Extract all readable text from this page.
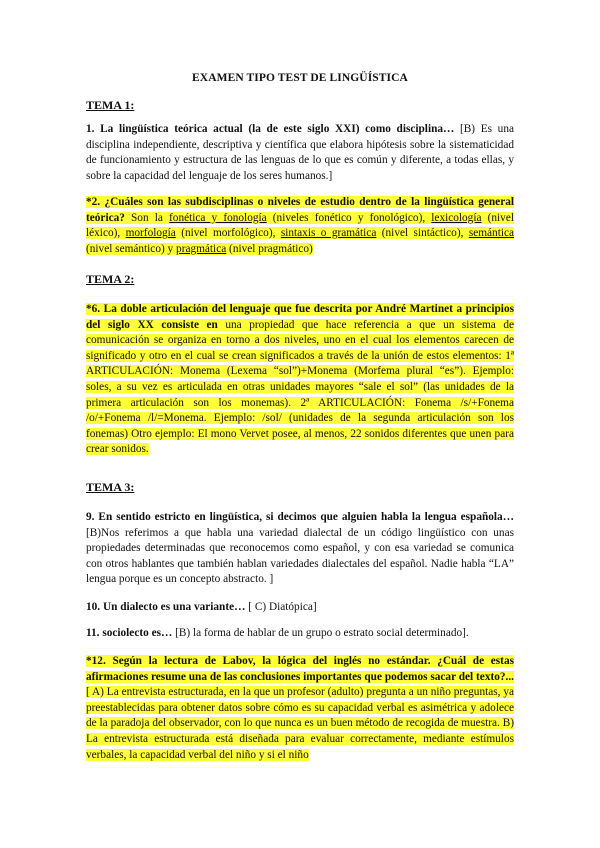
EXAMEN TIPO TEST DE LINGÜÍSTICA
TEMA 1:
1. La lingüística teórica actual (la de este siglo XXI) como disciplina… [B) Es una disciplina independiente, descriptiva y científica que elabora hipótesis sobre la sistematicidad de funcionamiento y estructura de las lenguas de lo que es común y diferente, a todas ellas, y sobre la capacidad del lenguaje de los seres humanos.]
*2. ¿Cuáles son las subdisciplinas o niveles de estudio dentro de la lingüística general teórica? Son la fonética y fonología (niveles fonético y fonológico), lexicología (nivel léxico), morfología (nivel morfológico), sintaxis o gramática (nivel sintáctico), semántica (nivel semántico) y pragmática (nivel pragmático)
TEMA 2:
*6. La doble articulación del lenguaje que fue descrita por André Martinet a principios del siglo XX consiste en una propiedad que hace referencia a que un sistema de comunicación se organiza en torno a dos niveles, uno en el cual los elementos carecen de significado y otro en el cual se crean significados a través de la unión de estos elementos: 1ª ARTICULACIÓN: Monema (Lexema “sol”)+Monema (Morfema plural “es”). Ejemplo: soles, a su vez es articulada en otras unidades mayores “sale el sol” (las unidades de la primera articulación son los monemas). 2ª ARTICULACIÓN: Fonema /s/+Fonema /o/+Fonema /l/=Monema. Ejemplo: /sol/ (unidades de la segunda articulación son los fonemas) Otro ejemplo: El mono Vervet posee, al menos, 22 sonidos diferentes que unen para crear sonidos.
TEMA 3:
9. En sentido estricto en lingüística, si decimos que alguien habla la lengua española… [B)Nos referimos a que habla una variedad dialectal de un código lingüístico con unas propiedades determinadas que reconocemos como español, y con esa variedad se comunica con otros hablantes que también hablan variedades dialectales del español. Nadie habla “LA” lengua porque es un concepto abstracto. ]
10. Un dialecto es una variante… [ C) Diatópica]
11. sociolecto es… [B) la forma de hablar de un grupo o estrato social determinado].
*12. Según la lectura de Labov, la lógica del inglés no estándar. ¿Cuál de estas afirmaciones resume una de las conclusiones importantes que podemos sacar del texto?... [ A) La entrevista estructurada, en la que un profesor (adulto) pregunta a un niño preguntas, ya preestablecidas para obtener datos sobre cómo es su capacidad verbal es asimétrica y adolece de la paradoja del observador, con lo que nunca es un buen método de recogida de muestra. B) La entrevista estructurada está diseñada para evaluar correctamente, mediante estímulos verbales, la capacidad verbal del niño y si el niño
